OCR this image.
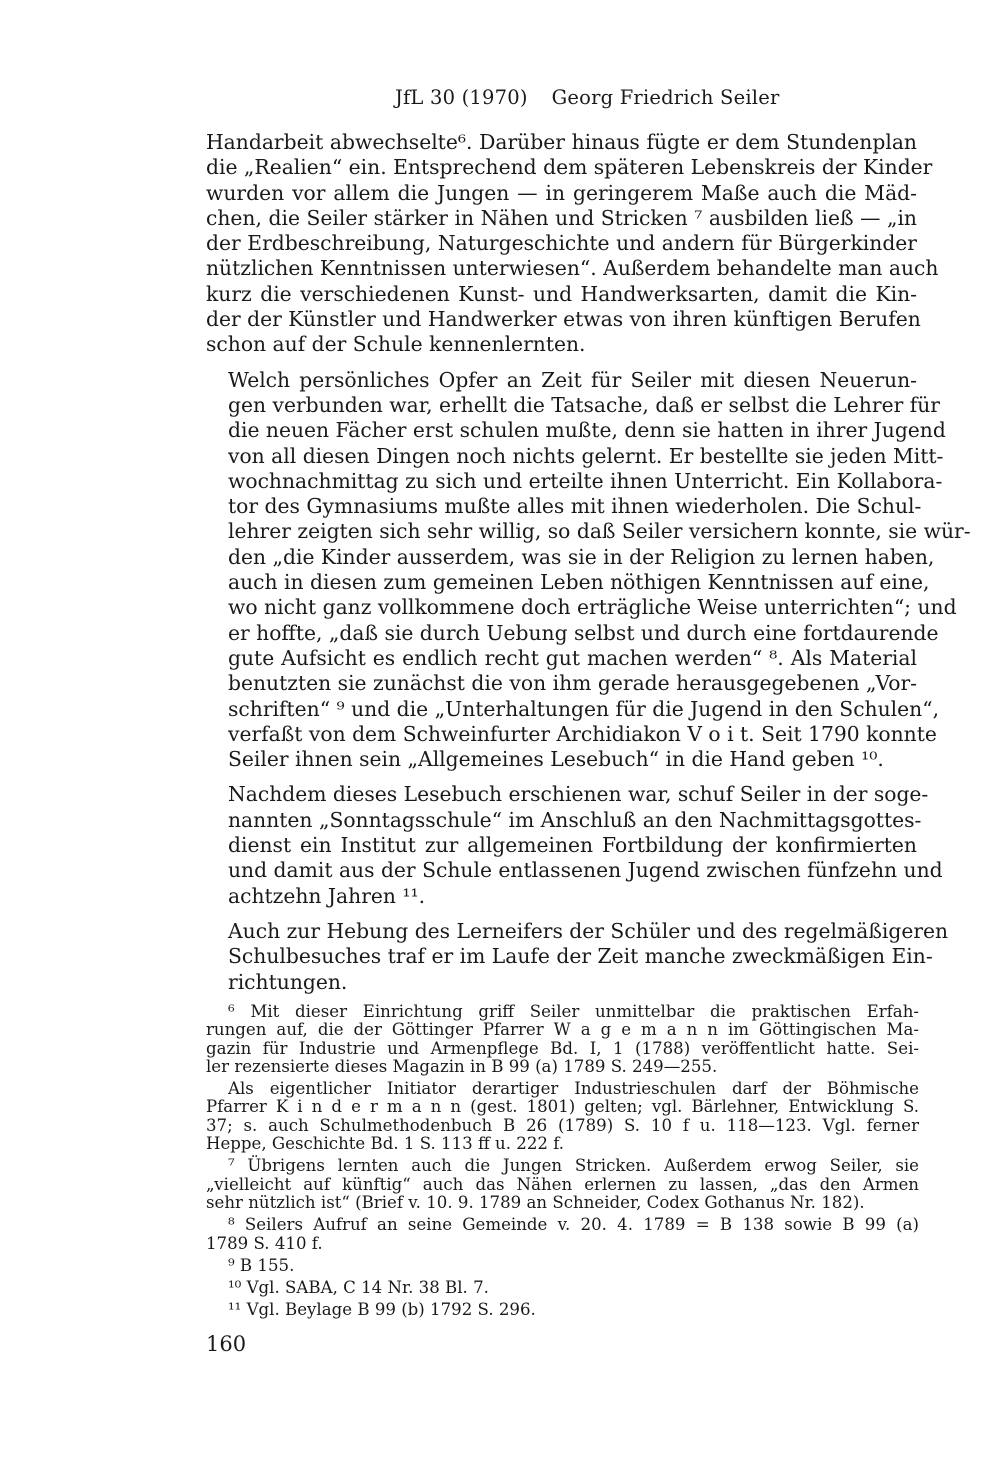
JfL 30 (1970) Georg Friedrich Seiler

Handarbeit abwechselte⁶. Darüber hinaus fügte er dem Stundenplan
die „Realien“ ein. Entsprechend dem späteren Lebenskreis der Kinder
wurden vor allem die Jungen — in geringerem Maße auch die Mäd-
chen, die Seiler stärker in Nähen und Stricken ⁷ ausbilden ließ — „in
der Erdbeschreibung, Naturgeschichte und andern für Bürgerkinder
nützlichen Kenntnissen unterwiesen“. Außerdem behandelte man auch
kurz die verschiedenen Kunst- und Handwerksarten, damit die Kin-
der der Künstler und Handwerker etwas von ihren künftigen Berufen
schon auf der Schule kennenlernten.

Welch persönliches Opfer an Zeit für Seiler mit diesen Neuerun-
gen verbunden war, erhellt die Tatsache, daß er selbst die Lehrer für
die neuen Fächer erst schulen mußte, denn sie hatten in ihrer Jugend
von all diesen Dingen noch nichts gelernt. Er bestellte sie jeden Mitt-
wochnachmittag zu sich und erteilte ihnen Unterricht. Ein Kollabora-
tor des Gymnasiums mußte alles mit ihnen wiederholen. Die Schul-
lehrer zeigten sich sehr willig, so daß Seiler versichern konnte, sie wür-
den „die Kinder ausserdem, was sie in der Religion zu lernen haben,
auch in diesen zum gemeinen Leben nöthigen Kenntnissen auf eine,
wo nicht ganz vollkommene doch erträgliche Weise unterrichten“; und
er hoffte, „daß sie durch Uebung selbst und durch eine fortdaurende
gute Aufsicht es endlich recht gut machen werden“ ⁸. Als Material
benutzten sie zunächst die von ihm gerade herausgegebenen „Vor-
schriften“ ⁹ und die „Unterhaltungen für die Jugend in den Schulen“,
verfaßt von dem Schweinfurter Archidiakon V o i t. Seit 1790 konnte
Seiler ihnen sein „Allgemeines Lesebuch“ in die Hand geben ¹⁰.

Nachdem dieses Lesebuch erschienen war, schuf Seiler in der soge-
nannten „Sonntagsschule“ im Anschluß an den Nachmittagsgottes-
dienst ein Institut zur allgemeinen Fortbildung der konfirmierten
und damit aus der Schule entlassenen Jugend zwischen fünfzehn und
achtzehn Jahren ¹¹.

Auch zur Hebung des Lerneifers der Schüler und des regelmäßigeren
Schulbesuches traf er im Laufe der Zeit manche zweckmäßigen Ein-
richtungen.

⁶ Mit dieser Einrichtung griff Seiler unmittelbar die praktischen Erfah-
rungen auf, die der Göttinger Pfarrer W a g e m a n n im Göttingischen Ma-
gazin für Industrie und Armenpflege Bd. I, 1 (1788) veröffentlicht hatte. Sei-
ler rezensierte dieses Magazin in B 99 (a) 1789 S. 249—255.
Als eigentlicher Initiator derartiger Industrieschulen darf der Böhmische
Pfarrer K i n d e r m a n n (gest. 1801) gelten; vgl. Bärlehner, Entwicklung S.
37; s. auch Schulmethodenbuch B 26 (1789) S. 10 f u. 118—123. Vgl. ferner
Heppe, Geschichte Bd. 1 S. 113 ff u. 222 f.
⁷ Übrigens lernten auch die Jungen Stricken. Außerdem erwog Seiler, sie
„vielleicht auf künftig“ auch das Nähen erlernen zu lassen, „das den Armen
sehr nützlich ist“ (Brief v. 10. 9. 1789 an Schneider, Codex Gothanus Nr. 182).
⁸ Seilers Aufruf an seine Gemeinde v. 20. 4. 1789 = B 138 sowie B 99 (a)
1789 S. 410 f.
⁹ B 155.
¹⁰ Vgl. SABA, C 14 Nr. 38 Bl. 7.
¹¹ Vgl. Beylage B 99 (b) 1792 S. 296.
160
